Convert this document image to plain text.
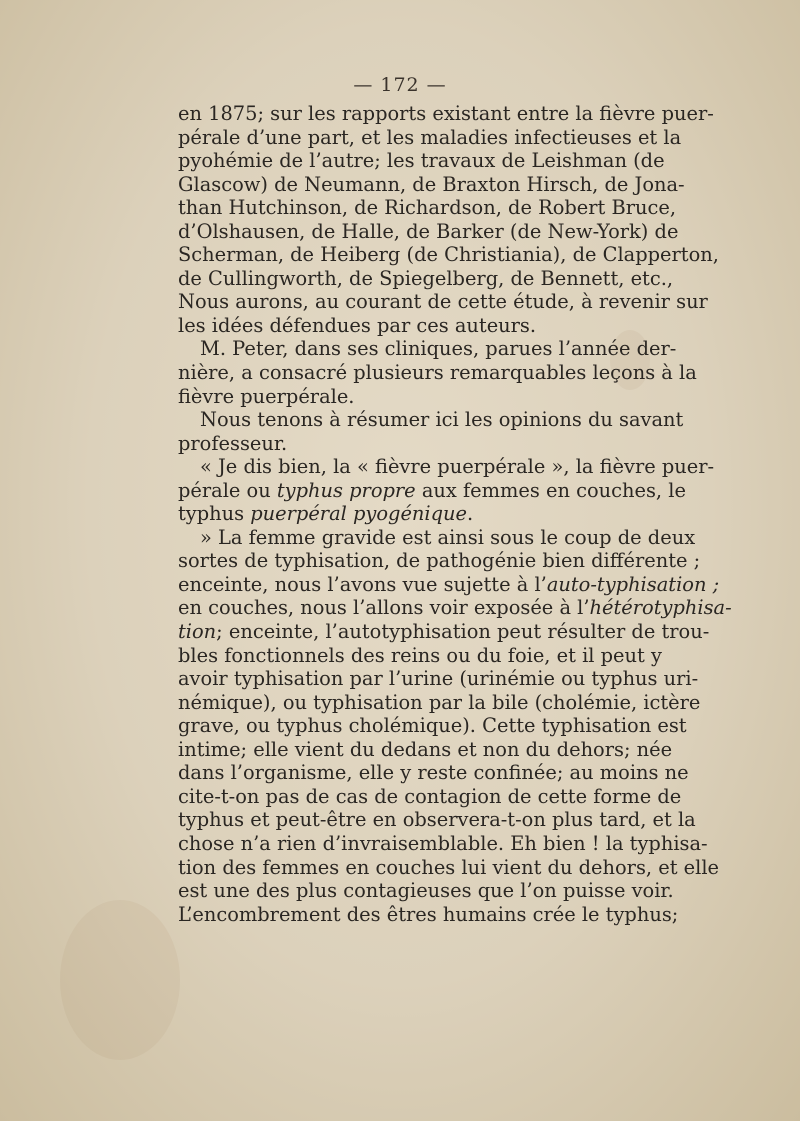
— 172 —

en 1875; sur les rapports existant entre la fièvre puer-

pérale d’une part, et les maladies infectieuses et la

pyohémie de l’autre; les travaux de Leishman (de

Glascow) de Neumann, de Braxton Hirsch, de Jona-

than Hutchinson, de Richardson, de Robert Bruce,

d’Olshausen, de Halle, de Barker (de New-York) de

Scherman, de Heiberg (de Christiania), de Clapperton,

de Cullingworth, de Spiegelberg, de Bennett, etc.,

Nous aurons, au courant de cette étude, à revenir sur

les idées défendues par ces auteurs.

M. Peter, dans ses cliniques, parues l’année der-

nière, a consacré plusieurs remarquables leçons à la

fièvre puerpérale.

Nous tenons à résumer ici les opinions du savant

professeur.

« Je dis bien, la « fièvre puerpérale », la fièvre puer-

pérale ou typhus propre aux femmes en couches, le

typhus puerpéral pyogénique.

» La femme gravide est ainsi sous le coup de deux

sortes de typhisation, de pathogénie bien différente ;

enceinte, nous l’avons vue sujette à l’auto-typhisation ;

en couches, nous l’allons voir exposée à l’hétérotyphisa-

tion; enceinte, l’autotyphisation peut résulter de trou-

bles fonctionnels des reins ou du foie, et il peut y

avoir typhisation par l’urine (urinémie ou typhus uri-

némique), ou typhisation par la bile (cholémie, ictère

grave, ou typhus cholémique). Cette typhisation est

intime; elle vient du dedans et non du dehors; née

dans l’organisme, elle y reste confinée; au moins ne

cite-t-on pas de cas de contagion de cette forme de

typhus et peut-être en observera-t-on plus tard, et la

chose n’a rien d’invraisemblable. Eh bien ! la typhisa-

tion des femmes en couches lui vient du dehors, et elle

est une des plus contagieuses que l’on puisse voir.

L’encombrement des êtres humains crée le typhus;
